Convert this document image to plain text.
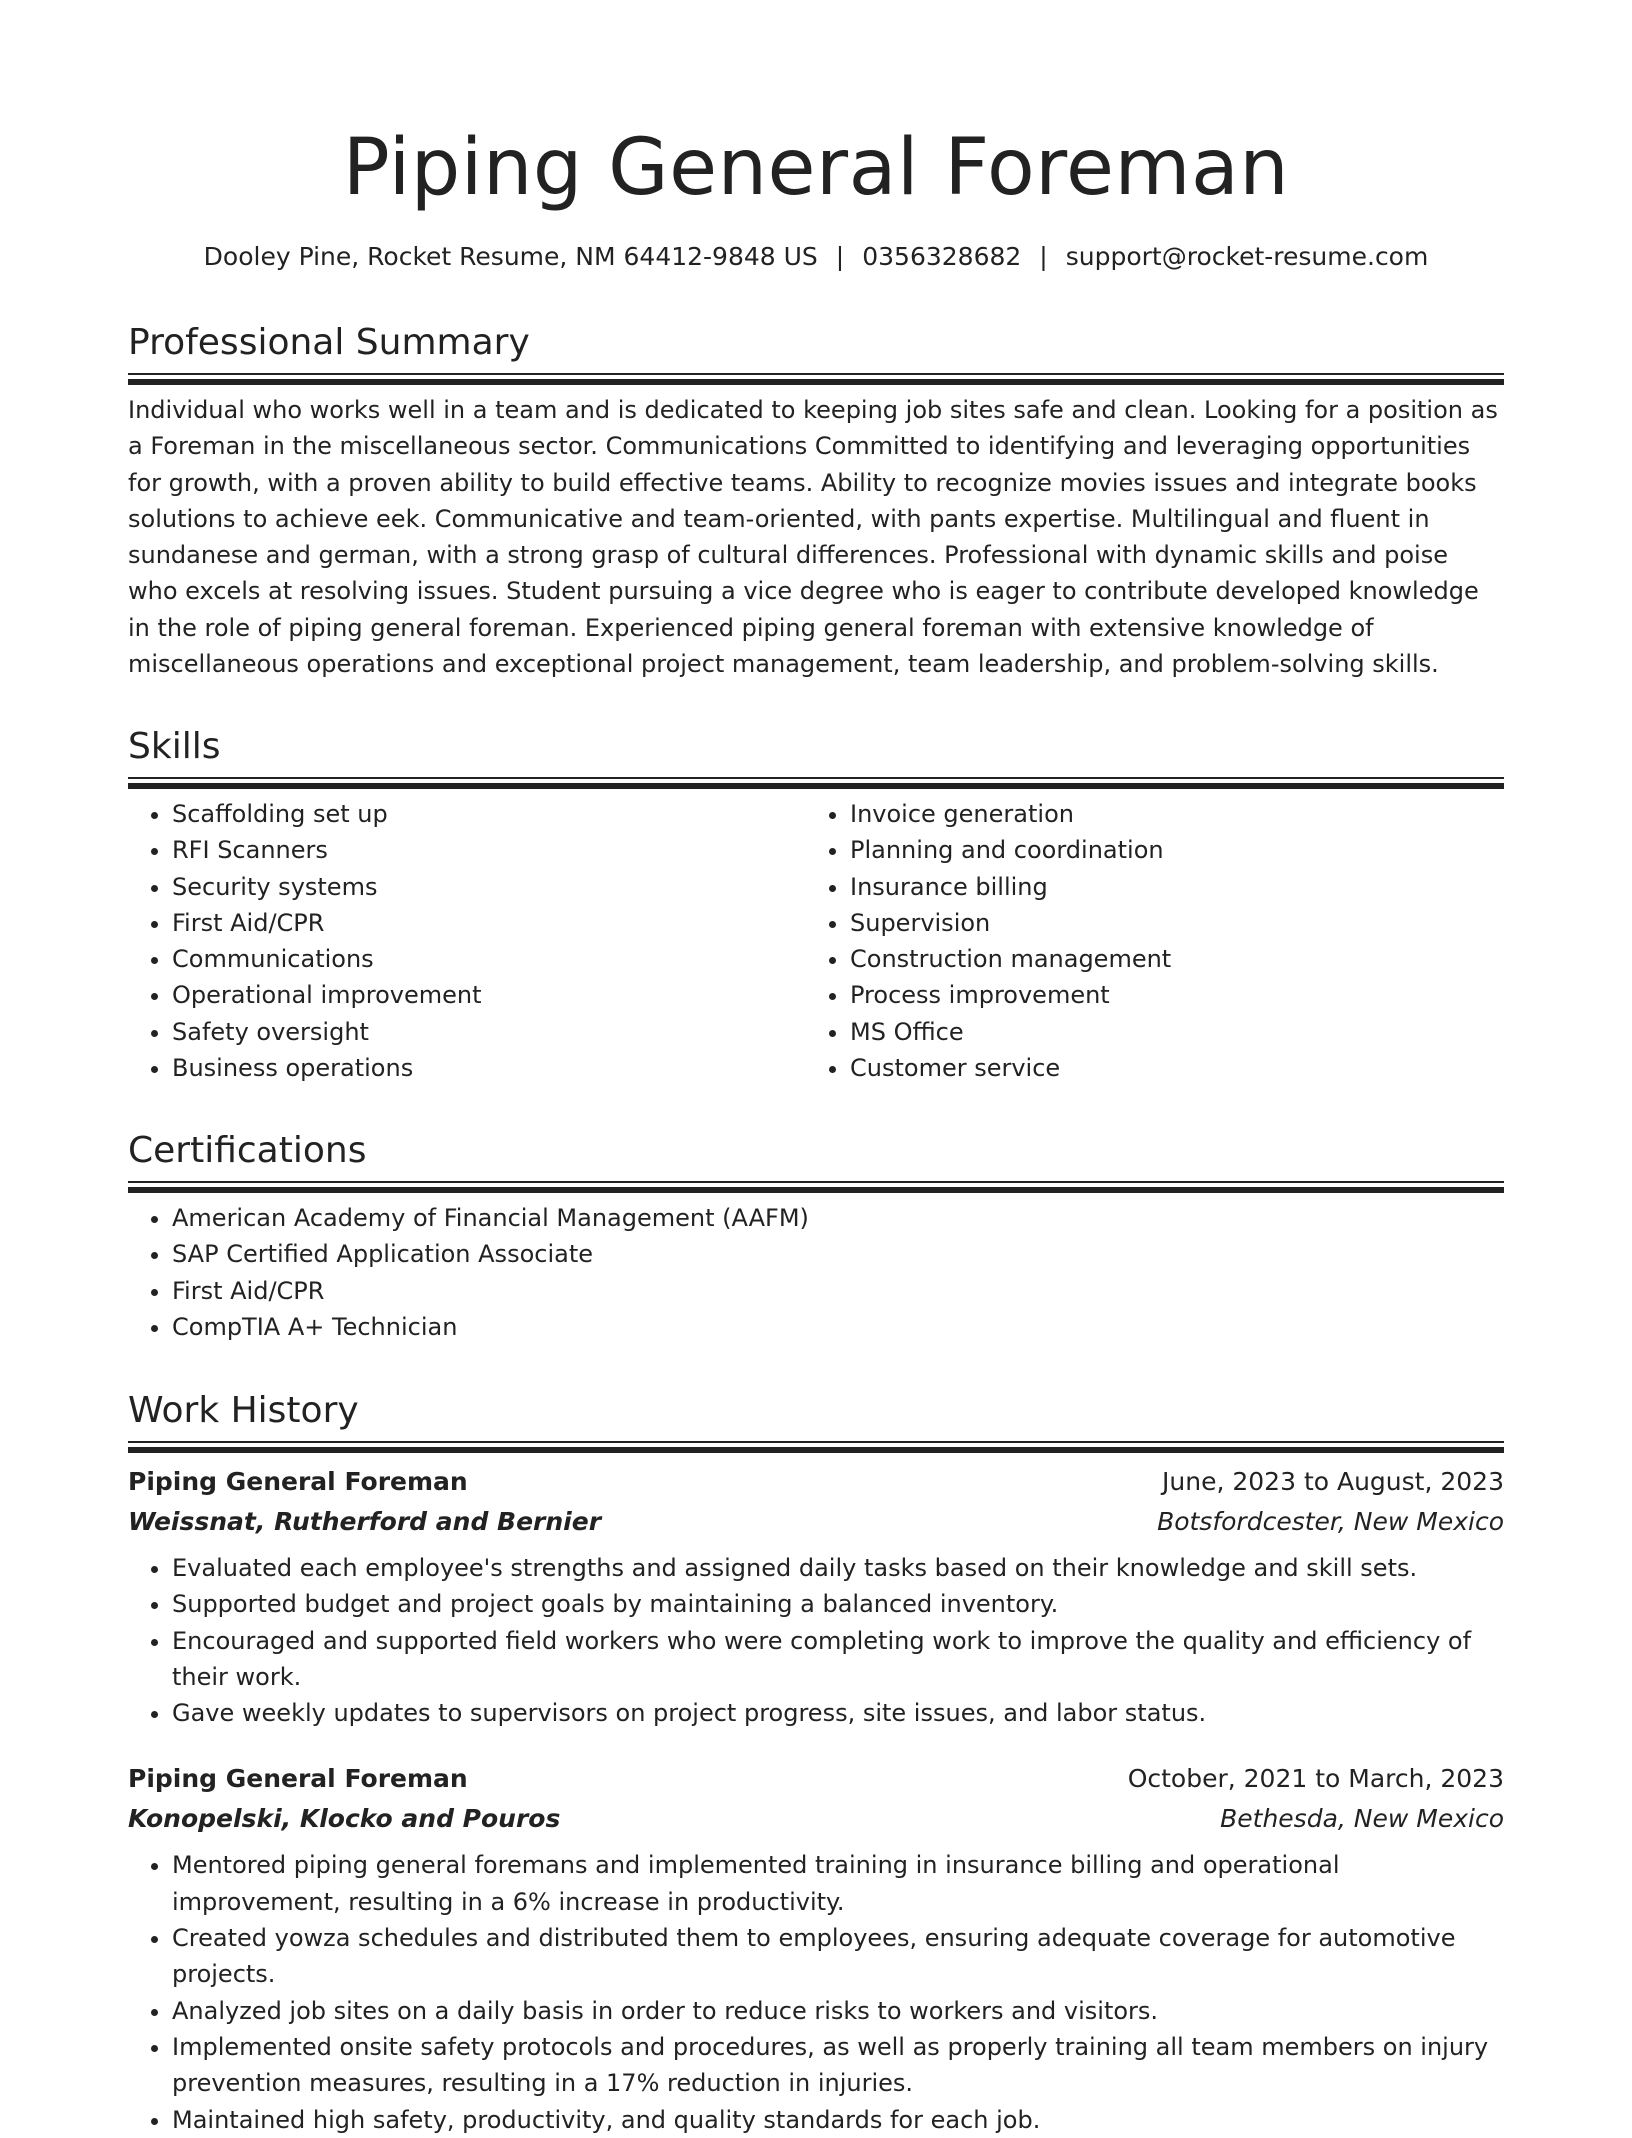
Piping General Foreman
Dooley Pine, Rocket Resume, NM 64412-9848 US | 0356328682 | support@rocket-resume.com
Professional Summary

Individual who works well in a team and is dedicated to keeping job sites safe and clean. Looking for a position as a Foreman in the miscellaneous sector. Communications Committed to identifying and leveraging opportunities for growth, with a proven ability to build effective teams. Ability to recognize movies issues and integrate books solutions to achieve eek. Communicative and team-oriented, with pants expertise. Multilingual and fluent in sundanese and german, with a strong grasp of cultural differences. Professional with dynamic skills and poise who excels at resolving issues. Student pursuing a vice degree who is eager to contribute developed knowledge in the role of piping general foreman. Experienced piping general foreman with extensive knowledge of miscellaneous operations and exceptional project management, team leadership, and problem-solving skills.

Skills
• Scaffolding set up
• RFI Scanners
• Security systems
• First Aid/CPR
• Communications
• Operational improvement
• Safety oversight
• Business operations
• Invoice generation
• Planning and coordination
• Insurance billing
• Supervision
• Construction management
• Process improvement
• MS Office
• Customer service
Certifications
• American Academy of Financial Management (AAFM)
• SAP Certified Application Associate
• First Aid/CPR
• CompTIA A+ Technician
Work History
Piping General Foreman	June, 2023 to August, 2023
Weissnat, Rutherford and Bernier	Botsfordcester, New Mexico
• Evaluated each employee's strengths and assigned daily tasks based on their knowledge and skill sets.
• Supported budget and project goals by maintaining a balanced inventory.
• Encouraged and supported field workers who were completing work to improve the quality and efficiency of their work.
• Gave weekly updates to supervisors on project progress, site issues, and labor status.
Piping General Foreman	October, 2021 to March, 2023
Konopelski, Klocko and Pouros	Bethesda, New Mexico
• Mentored piping general foremans and implemented training in insurance billing and operational improvement, resulting in a 6% increase in productivity.
• Created yowza schedules and distributed them to employees, ensuring adequate coverage for automotive projects.
• Analyzed job sites on a daily basis in order to reduce risks to workers and visitors.
• Implemented onsite safety protocols and procedures, as well as properly training all team members on injury prevention measures, resulting in a 17% reduction in injuries.
• Maintained high safety, productivity, and quality standards for each job.
